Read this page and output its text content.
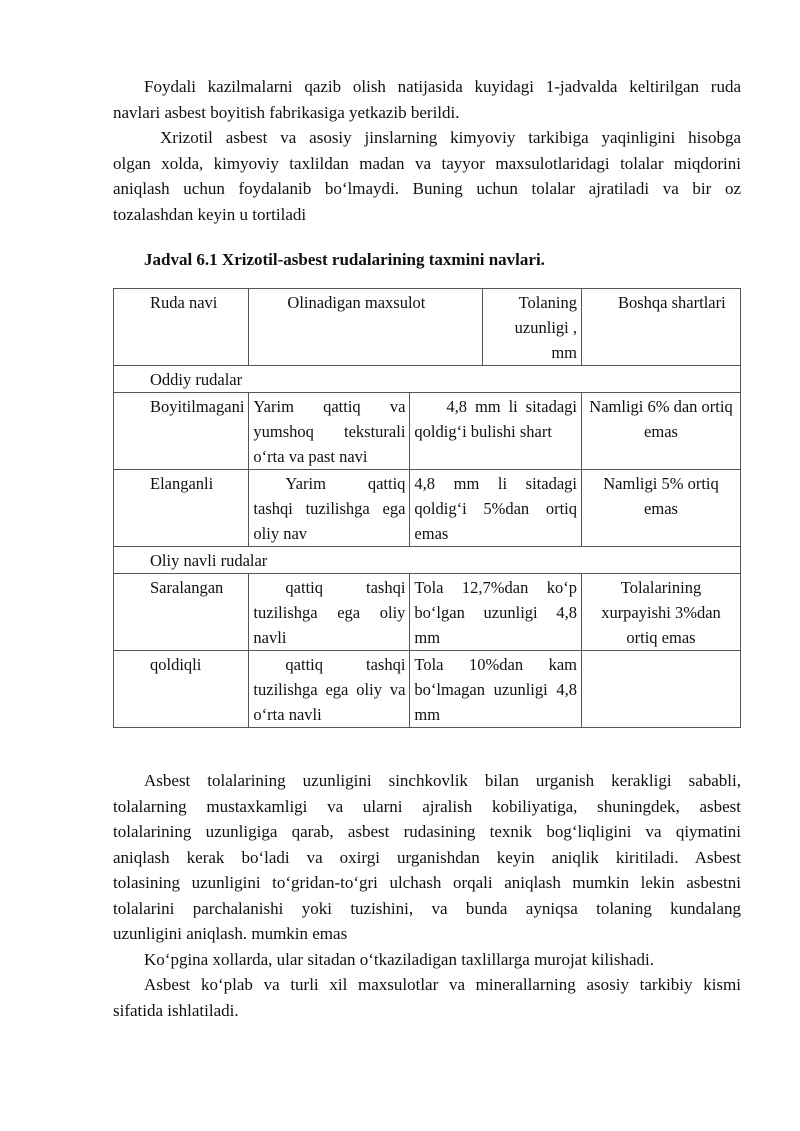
Foydali kazilmalarni qazib olish natijasida kuyidagi 1-jadvalda keltirilgan ruda
navlari asbest boyitish fabrikasiga yetkazib berildi.
Xrizotil asbest va asosiy jinslarning kimyoviy tarkibiga yaqinligini hisobga
olgan xolda, kimyoviy taxlildan madan va tayyor maxsulotlaridagi tolalar miqdorini
aniqlash uchun foydalanib bo‘lmaydi. Buning uchun tolalar ajratiladi va bir oz
tozalashdan keyin u tortiladi
Jadval 6.1 Xrizotil-asbest rudalarining taxmini navlari.
Ruda navi	Olinadigan maxsulot		Tolaning uzunligi , mm	Boshqa shartlari
Oddiy rudalar				
Boyitilmagani	Yarim qattiq va yumshoq teksturali o‘rta va past navi	4,8 mm li sitadagi qoldig‘i bulishi shart		Namligi 6% dan ortiq emas
Elanganli	Yarim qattiq tashqi tuzilishga ega oliy nav	4,8 mm li sitadagi qoldig‘i 5%dan ortiq emas		Namligi 5% ortiq emas
Oliy navli rudalar				
Saralangan	qattiq tashqi tuzilishga ega oliy navli	Tola 12,7%dan ko‘p bo‘lgan uzunligi 4,8 mm		Tolalarining xurpayishi 3%dan ortiq emas
qoldiqli	qattiq tashqi tuzilishga ega oliy va o‘rta navli	Tola 10%dan kam bo‘lmagan uzunligi 4,8 mm		
Asbest tolalarining uzunligini sinchkovlik bilan urganish kerakligi sababli,
tolalarning mustaxkamligi va ularni ajralish kobiliyatiga, shuningdek, asbest
tolalarining uzunligiga qarab, asbest rudasining texnik bog‘liqligini va qiymatini
aniqlash kerak bo‘ladi va oxirgi urganishdan keyin aniqlik kiritiladi. Asbest
tolasining uzunligini to‘gridan-to‘gri ulchash orqali aniqlash mumkin lekin asbestni
tolalarini parchalanishi yoki tuzishini, va bunda ayniqsa tolaning kundalang
uzunligini aniqlash. mumkin emas
Ko‘pgina xollarda, ular sitadan o‘tkaziladigan taxlillarga murojat kilishadi.
Asbest ko‘plab va turli xil maxsulotlar va minerallarning asosiy tarkibiy kismi
sifatida ishlatiladi.
